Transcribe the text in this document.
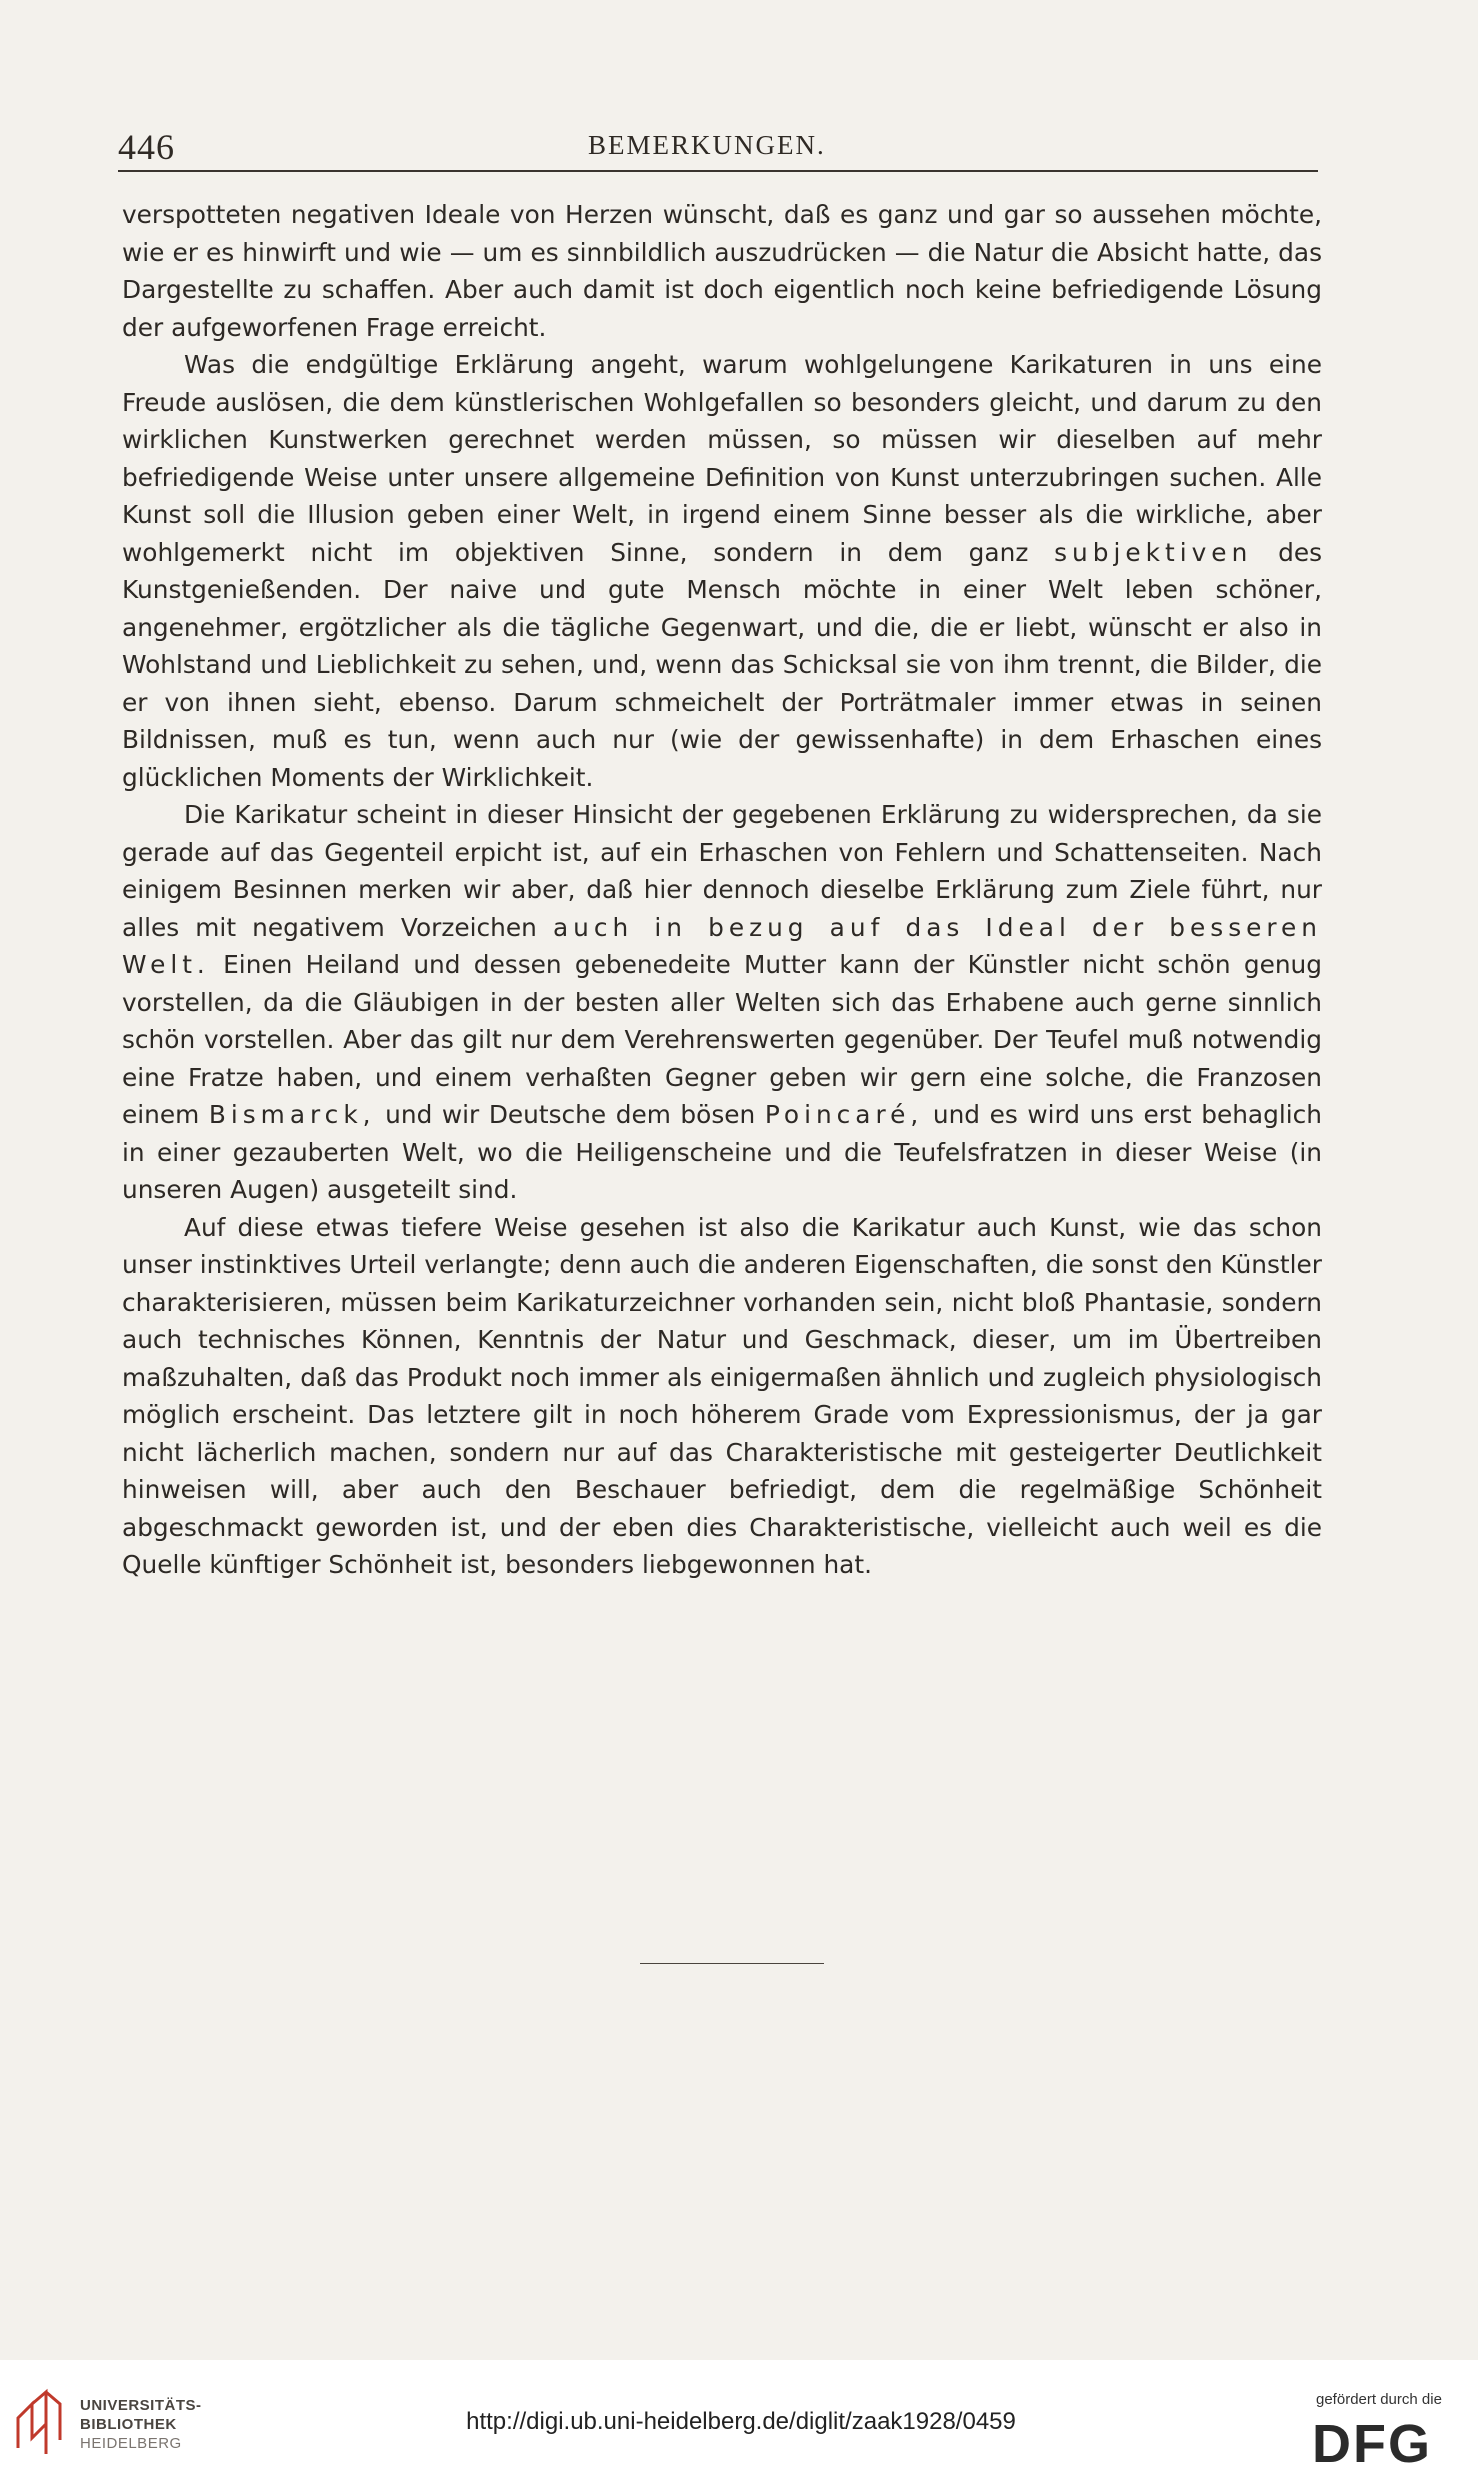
446	BEMERKUNGEN.

verspotteten negativen Ideale von Herzen wünscht, daß es ganz und gar so aussehen möchte, wie er es hinwirft und wie — um es sinnbildlich auszudrücken — die Natur die Absicht hatte, das Dargestellte zu schaffen. Aber auch damit ist doch eigentlich noch keine befriedigende Lösung der aufgeworfenen Frage erreicht.

Was die endgültige Erklärung angeht, warum wohlgelungene Karikaturen in uns eine Freude auslösen, die dem künstlerischen Wohlgefallen so besonders gleicht, und darum zu den wirklichen Kunstwerken gerechnet werden müssen, so müssen wir dieselben auf mehr befriedigende Weise unter unsere allgemeine Definition von Kunst unterzubringen suchen. Alle Kunst soll die Illusion geben einer Welt, in irgend einem Sinne besser als die wirkliche, aber wohlgemerkt nicht im objektiven Sinne, sondern in dem ganz subjektiven des Kunstgenießenden. Der naive und gute Mensch möchte in einer Welt leben schöner, angenehmer, ergötzlicher als die tägliche Gegenwart, und die, die er liebt, wünscht er also in Wohlstand und Lieblichkeit zu sehen, und, wenn das Schicksal sie von ihm trennt, die Bilder, die er von ihnen sieht, ebenso. Darum schmeichelt der Porträtmaler immer etwas in seinen Bildnissen, muß es tun, wenn auch nur (wie der gewissenhafte) in dem Erhaschen eines glücklichen Moments der Wirklichkeit.

Die Karikatur scheint in dieser Hinsicht der gegebenen Erklärung zu widersprechen, da sie gerade auf das Gegenteil erpicht ist, auf ein Erhaschen von Fehlern und Schattenseiten. Nach einigem Besinnen merken wir aber, daß hier dennoch dieselbe Erklärung zum Ziele führt, nur alles mit negativem Vorzeichen auch in bezug auf das Ideal der besseren Welt. Einen Heiland und dessen gebenedeite Mutter kann der Künstler nicht schön genug vorstellen, da die Gläubigen in der besten aller Welten sich das Erhabene auch gerne sinnlich schön vorstellen. Aber das gilt nur dem Verehrenswerten gegenüber. Der Teufel muß notwendig eine Fratze haben, und einem verhaßten Gegner geben wir gern eine solche, die Franzosen einem Bismarck, und wir Deutsche dem bösen Poincaré, und es wird uns erst behaglich in einer gezauberten Welt, wo die Heiligenscheine und die Teufelsfratzen in dieser Weise (in unseren Augen) ausgeteilt sind.

Auf diese etwas tiefere Weise gesehen ist also die Karikatur auch Kunst, wie das schon unser instinktives Urteil verlangte; denn auch die anderen Eigenschaften, die sonst den Künstler charakterisieren, müssen beim Karikaturzeichner vorhanden sein, nicht bloß Phantasie, sondern auch technisches Können, Kenntnis der Natur und Geschmack, dieser, um im Übertreiben maßzuhalten, daß das Produkt noch immer als einigermaßen ähnlich und zugleich physiologisch möglich erscheint. Das letztere gilt in noch höherem Grade vom Expressionismus, der ja gar nicht lächerlich machen, sondern nur auf das Charakteristische mit gesteigerter Deutlichkeit hinweisen will, aber auch den Beschauer befriedigt, dem die regelmäßige Schönheit abgeschmackt geworden ist, und der eben dies Charakteristische, vielleicht auch weil es die Quelle künftiger Schönheit ist, besonders liebgewonnen hat.

UNIVERSITÄTS-
BIBLIOTHEK
HEIDELBERG
http://digi.ub.uni-heidelberg.de/diglit/zaak1928/0459
gefördert durch die
DFG
